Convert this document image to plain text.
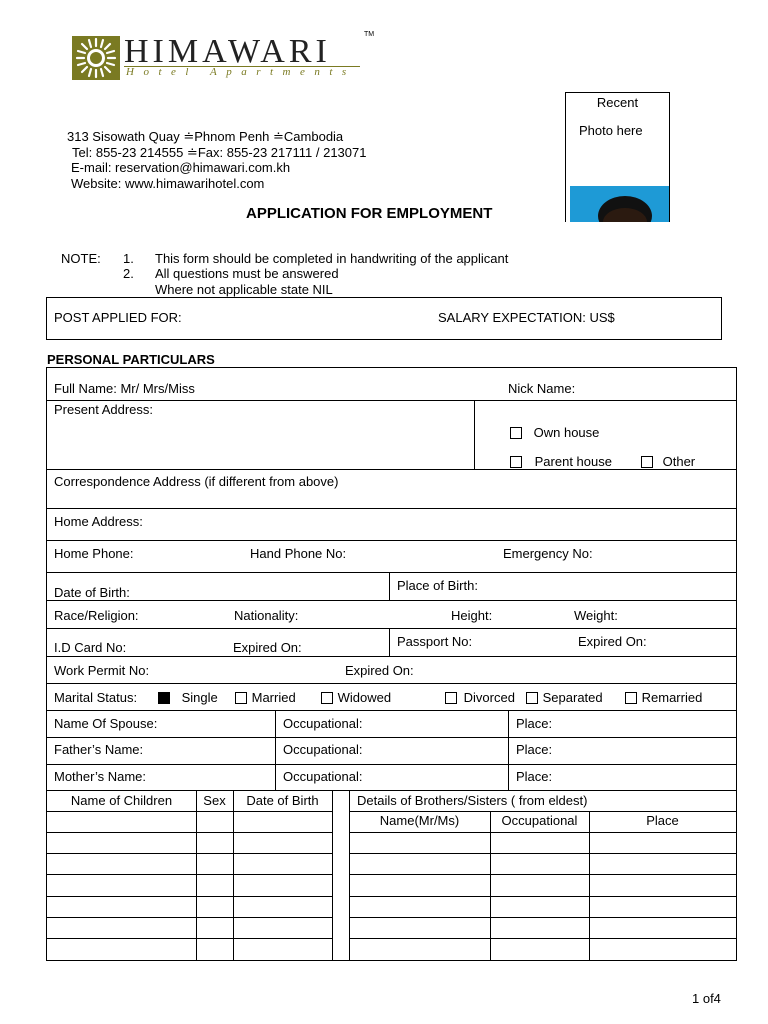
HIMAWARI	TM
Hotel Apartments
313 Sisowath Quay ≐Phnom Penh ≐Cambodia
Tel: 855-23 214555 ≐Fax: 855-23 217111 / 213071
E-mail: reservation@himawari.com.kh
Website: www.himawarihotel.com
Recent
Photo here
APPLICATION FOR EMPLOYMENT
NOTE: 1. This form should be completed in handwriting of the applicant
2. All questions must be answered
Where not applicable state NIL
POST APPLIED FOR:	SALARY EXPECTATION: US$
PERSONAL PARTICULARS
Full Name: Mr/ Mrs/Miss	Nick Name:
Present Address:
Own house
Parent house	Other
Correspondence Address (if different from above)
Home Address:
Home Phone:	Hand Phone No:	Emergency No:
Date of Birth:	Place of Birth:
Race/Religion:	Nationality:	Height:	Weight:
I.D Card No:	Expired On:	Passport No:	Expired On:
Work Permit No:	Expired On:
Marital Status:	Single	Married	Widowed	Divorced	Separated	Remarried
Name Of Spouse:	Occupational:	Place:
Father’s Name:	Occupational:	Place:
Mother’s Name:	Occupational:	Place:
Name of Children	Sex	Date of Birth	Details of Brothers/Sisters ( from eldest)
Name(Mr/Ms)	Occupational	Place
1 of4
